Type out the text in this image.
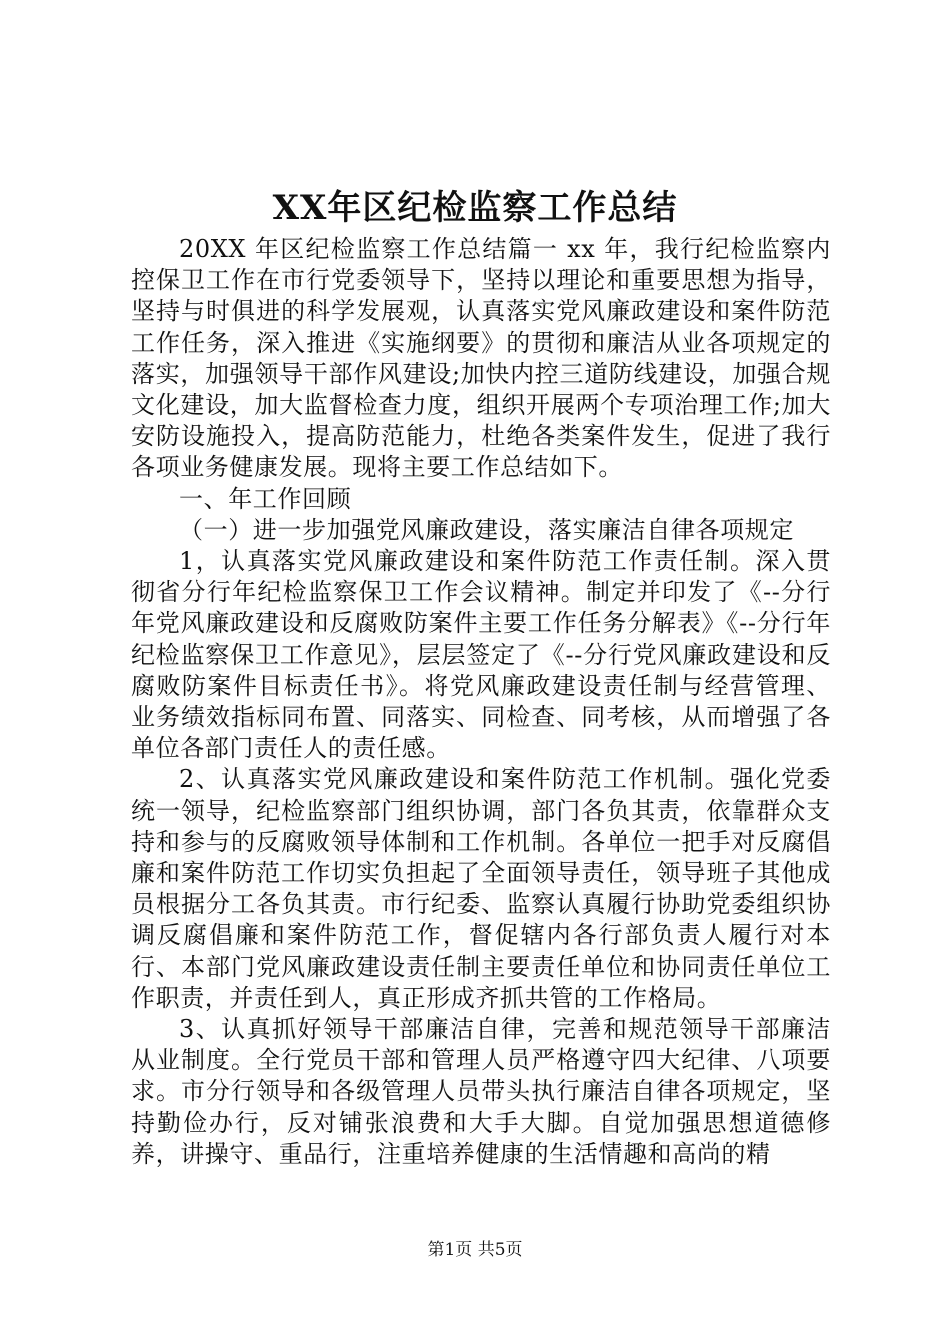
XX年区纪检监察工作总结

20XX 年区纪检监察工作总结篇一 xx 年，我行纪检监察内控保卫工作在市行党委领导下，坚持以理论和重要思想为指导，坚持与时俱进的科学发展观，认真落实党风廉政建设和案件防范工作任务，深入推进《实施纲要》的贯彻和廉洁从业各项规定的落实，加强领导干部作风建设;加快内控三道防线建设，加强合规文化建设，加大监督检查力度，组织开展两个专项治理工作;加大安防设施投入，提高防范能力，杜绝各类案件发生，促进了我行各项业务健康发展。现将主要工作总结如下。

一、年工作回顾

（一）进一步加强党风廉政建设，落实廉洁自律各项规定

1，认真落实党风廉政建设和案件防范工作责任制。深入贯彻省分行年纪检监察保卫工作会议精神。制定并印发了《--分行年党风廉政建设和反腐败防案件主要工作任务分解表》《--分行年纪检监察保卫工作意见》，层层签定了《--分行党风廉政建设和反腐败防案件目标责任书》。将党风廉政建设责任制与经营管理、业务绩效指标同布置、同落实、同检查、同考核，从而增强了各单位各部门责任人的责任感。

2、认真落实党风廉政建设和案件防范工作机制。强化党委统一领导，纪检监察部门组织协调，部门各负其责，依靠群众支持和参与的反腐败领导体制和工作机制。各单位一把手对反腐倡廉和案件防范工作切实负担起了全面领导责任，领导班子其他成员根据分工各负其责。市行纪委、监察认真履行协助党委组织协调反腐倡廉和案件防范工作，督促辖内各行部负责人履行对本行、本部门党风廉政建设责任制主要责任单位和协同责任单位工作职责，并责任到人，真正形成齐抓共管的工作格局。

3、认真抓好领导干部廉洁自律，完善和规范领导干部廉洁从业制度。全行党员干部和管理人员严格遵守四大纪律、八项要求。市分行领导和各级管理人员带头执行廉洁自律各项规定，坚持勤俭办行，反对铺张浪费和大手大脚。自觉加强思想道德修养，讲操守、重品行，注重培养健康的生活情趣和高尚的精

第1页 共5页
